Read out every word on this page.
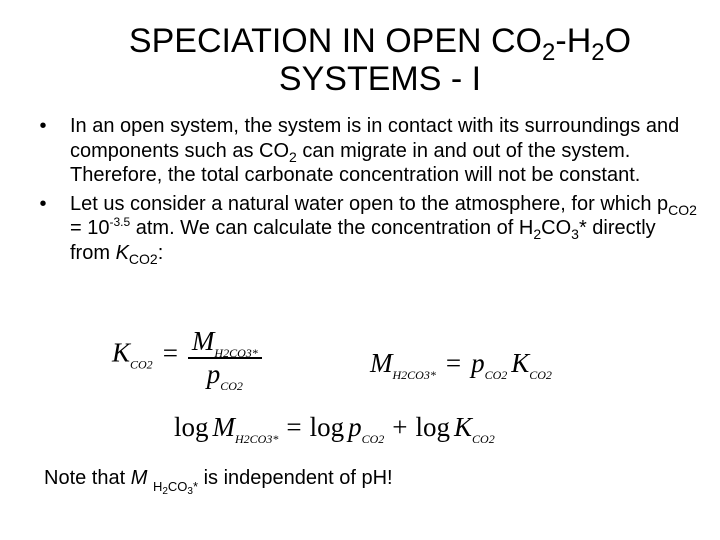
SPECIATION IN OPEN $CO_2-H_2O$
SYSTEMS - I
•	In an open system, the system is in contact with its surroundings and components such as $CO_2$ can migrate in and out of the system. Therefore, the total carbonate concentration will not be constant.
•	Let us consider a natural water open to the atmosphere, for which $p_{CO2} = 10^{-3.5}$ atm. We can calculate the concentration of $H_2CO_3*$ directly from $K_{CO2}$:
$K_{CO2} = \frac{M_{H2CO3*}}{p_{CO2}}$	$M_{H2CO3*} = p_{CO2}$ $K_{CO2}$
$\log M_{H2CO3*} = \log p_{CO2} + \log K_{CO2}$
Note that M $_{H_2CO_3*}$ is independent of pH!
